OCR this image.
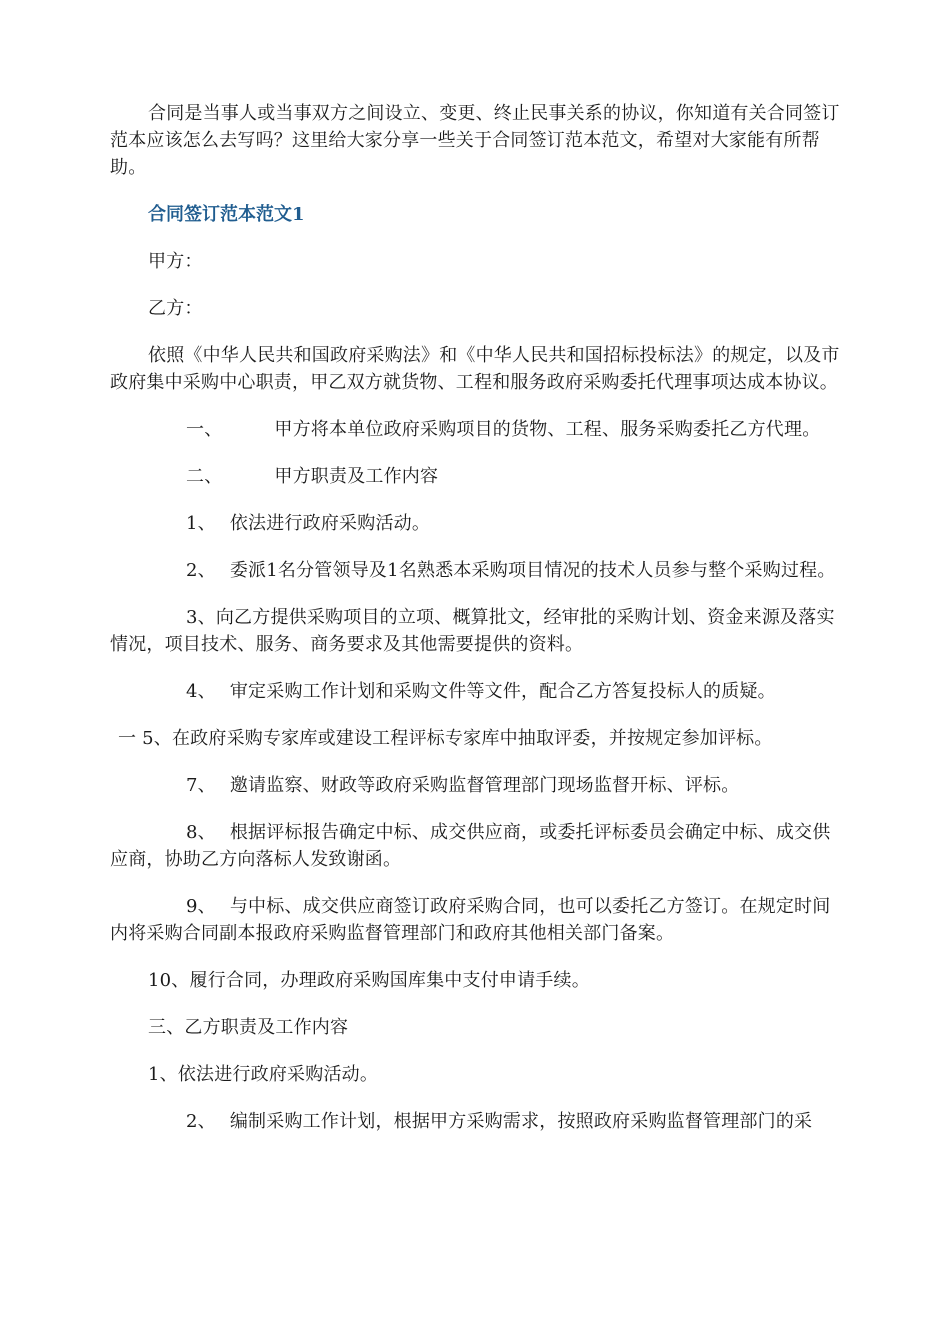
合同是当事人或当事双方之间设立、变更、终止民事关系的协议，你知道有关合同签订范本应该怎么去写吗？这里给大家分享一些关于合同签订范本范文，希望对大家能有所帮助。

合同签订范本范文1

甲方：

乙方：

依照《中华人民共和国政府采购法》和《中华人民共和国招标投标法》的规定，以及市政府集中采购中心职责，甲乙双方就货物、工程和服务政府采购委托代理事项达成本协议。

一、	甲方将本单位政府采购项目的货物、工程、服务采购委托乙方代理。

二、	甲方职责及工作内容

1、 依法进行政府采购活动。

2、 委派1名分管领导及1名熟悉本采购项目情况的技术人员参与整个采购过程。

3、向乙方提供采购项目的立项、概算批文，经审批的采购计划、资金来源及落实情况，项目技术、服务、商务要求及其他需要提供的资料。

4、 审定采购工作计划和采购文件等文件，配合乙方答复投标人的质疑。

一 5、在政府采购专家库或建设工程评标专家库中抽取评委，并按规定参加评标。

7、 邀请监察、财政等政府采购监督管理部门现场监督开标、评标。

8、 根据评标报告确定中标、成交供应商，或委托评标委员会确定中标、成交供应商，协助乙方向落标人发致谢函。

9、 与中标、成交供应商签订政府采购合同，也可以委托乙方签订。在规定时间内将采购合同副本报政府采购监督管理部门和政府其他相关部门备案。

10、履行合同，办理政府采购国库集中支付申请手续。

三、乙方职责及工作内容

1、依法进行政府采购活动。

2、 编制采购工作计划，根据甲方采购需求，按照政府采购监督管理部门的采
